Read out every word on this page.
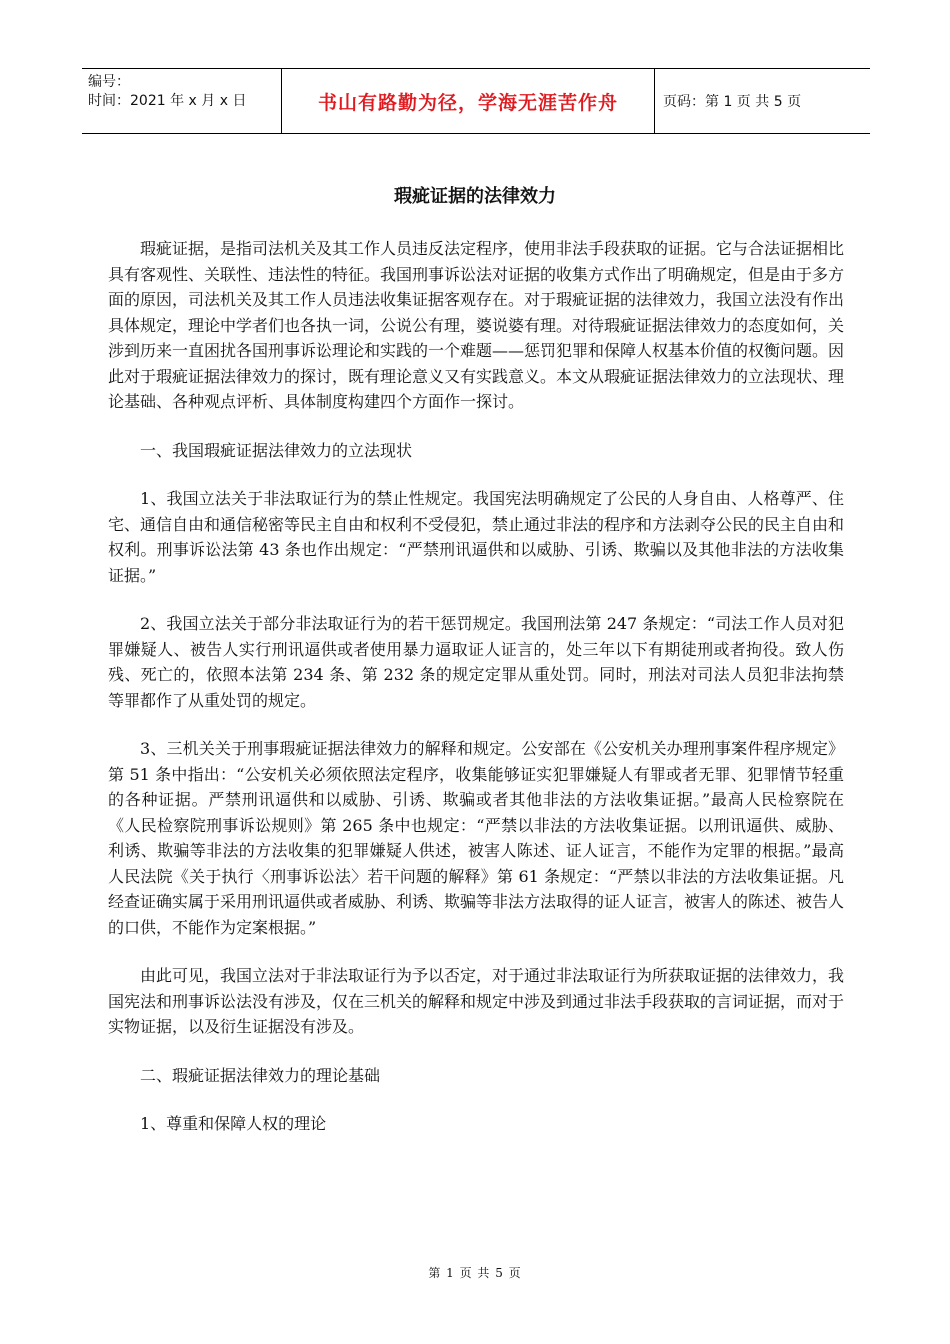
编号：
时间：2021 年 x 月 x 日	书山有路勤为径，学海无涯苦作舟	页码：第 1 页 共 5 页
瑕疵证据的法律效力

瑕疵证据，是指司法机关及其工作人员违反法定程序，使用非法手段获取的证据。它与合法证据相比具有客观性、关联性、违法性的特征。我国刑事诉讼法对证据的收集方式作出了明确规定，但是由于多方面的原因，司法机关及其工作人员违法收集证据客观存在。对于瑕疵证据的法律效力，我国立法没有作出具体规定，理论中学者们也各执一词，公说公有理，婆说婆有理。对待瑕疵证据法律效力的态度如何，关涉到历来一直困扰各国刑事诉讼理论和实践的一个难题——惩罚犯罪和保障人权基本价值的权衡问题。因此对于瑕疵证据法律效力的探讨，既有理论意义又有实践意义。本文从瑕疵证据法律效力的立法现状、理论基础、各种观点评析、具体制度构建四个方面作一探讨。

一、我国瑕疵证据法律效力的立法现状

1、我国立法关于非法取证行为的禁止性规定。我国宪法明确规定了公民的人身自由、人格尊严、住宅、通信自由和通信秘密等民主自由和权利不受侵犯，禁止通过非法的程序和方法剥夺公民的民主自由和权利。刑事诉讼法第 43 条也作出规定：“严禁刑讯逼供和以威胁、引诱、欺骗以及其他非法的方法收集证据。”

2、我国立法关于部分非法取证行为的若干惩罚规定。我国刑法第 247 条规定：“司法工作人员对犯罪嫌疑人、被告人实行刑讯逼供或者使用暴力逼取证人证言的，处三年以下有期徒刑或者拘役。致人伤残、死亡的，依照本法第 234 条、第 232 条的规定定罪从重处罚。同时，刑法对司法人员犯非法拘禁等罪都作了从重处罚的规定。

3、三机关关于刑事瑕疵证据法律效力的解释和规定。公安部在《公安机关办理刑事案件程序规定》第 51 条中指出：“公安机关必须依照法定程序，收集能够证实犯罪嫌疑人有罪或者无罪、犯罪情节轻重的各种证据。严禁刑讯逼供和以威胁、引诱、欺骗或者其他非法的方法收集证据。”最高人民检察院在《人民检察院刑事诉讼规则》第 265 条中也规定：“严禁以非法的方法收集证据。以刑讯逼供、威胁、利诱、欺骗等非法的方法收集的犯罪嫌疑人供述，被害人陈述、证人证言，不能作为定罪的根据。”最高人民法院《关于执行〈刑事诉讼法〉若干问题的解释》第 61 条规定：“严禁以非法的方法收集证据。凡经查证确实属于采用刑讯逼供或者威胁、利诱、欺骗等非法方法取得的证人证言，被害人的陈述、被告人的口供，不能作为定案根据。”

由此可见，我国立法对于非法取证行为予以否定，对于通过非法取证行为所获取证据的法律效力，我国宪法和刑事诉讼法没有涉及，仅在三机关的解释和规定中涉及到通过非法手段获取的言词证据，而对于实物证据，以及衍生证据没有涉及。

二、瑕疵证据法律效力的理论基础

1、尊重和保障人权的理论

第 1 页 共 5 页
